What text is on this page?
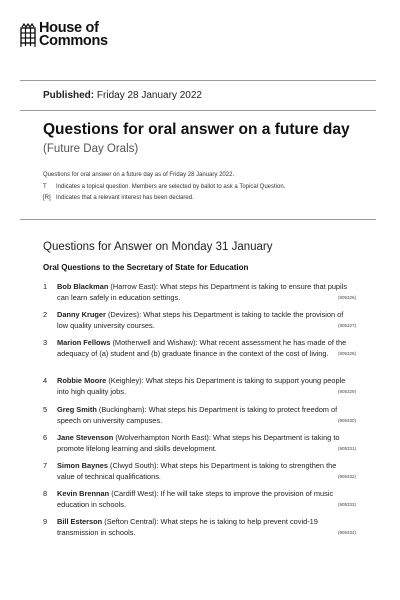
House of
Commons
Published: Friday 28 January 2022
Questions for oral answer on a future day
(Future Day Orals)
Questions for oral answer on a future day as of Friday 28 January 2022.
T	Indicates a topical question. Members are selected by ballot to ask a Topical Question.
[R] Indicates that a relevant interest has been declared.
Questions for Answer on Monday 31 January
Oral Questions to the Secretary of State for Education
1 Bob Blackman (Harrow East): What steps his Department is taking to ensure that pupils can learn safely in education settings.	(905326)
2 Danny Kruger (Devizes): What steps his Department is taking to tackle the provision of low quality university courses.	(905327)
3 Marion Fellows (Motherwell and Wishaw): What recent assessment he has made of the adequacy of (a) student and (b) graduate finance in the context of the cost of living.	(905328)
4 Robbie Moore (Keighley): What steps his Department is taking to support young people into high quality jobs.	(905329)
5 Greg Smith (Buckingham): What steps his Department is taking to protect freedom of speech on university campuses.	(905330)
6 Jane Stevenson (Wolverhampton North East): What steps his Department is taking to promote lifelong learning and skills development.	(905331)
7 Simon Baynes (Clwyd South): What steps his Department is taking to strengthen the value of technical qualifications.	(905332)
8 Kevin Brennan (Cardiff West): If he will take steps to improve the provision of music education in schools.	(905333)
9 Bill Esterson (Sefton Central): What steps he is taking to help prevent covid-19 transmission in schools.	(905334)
